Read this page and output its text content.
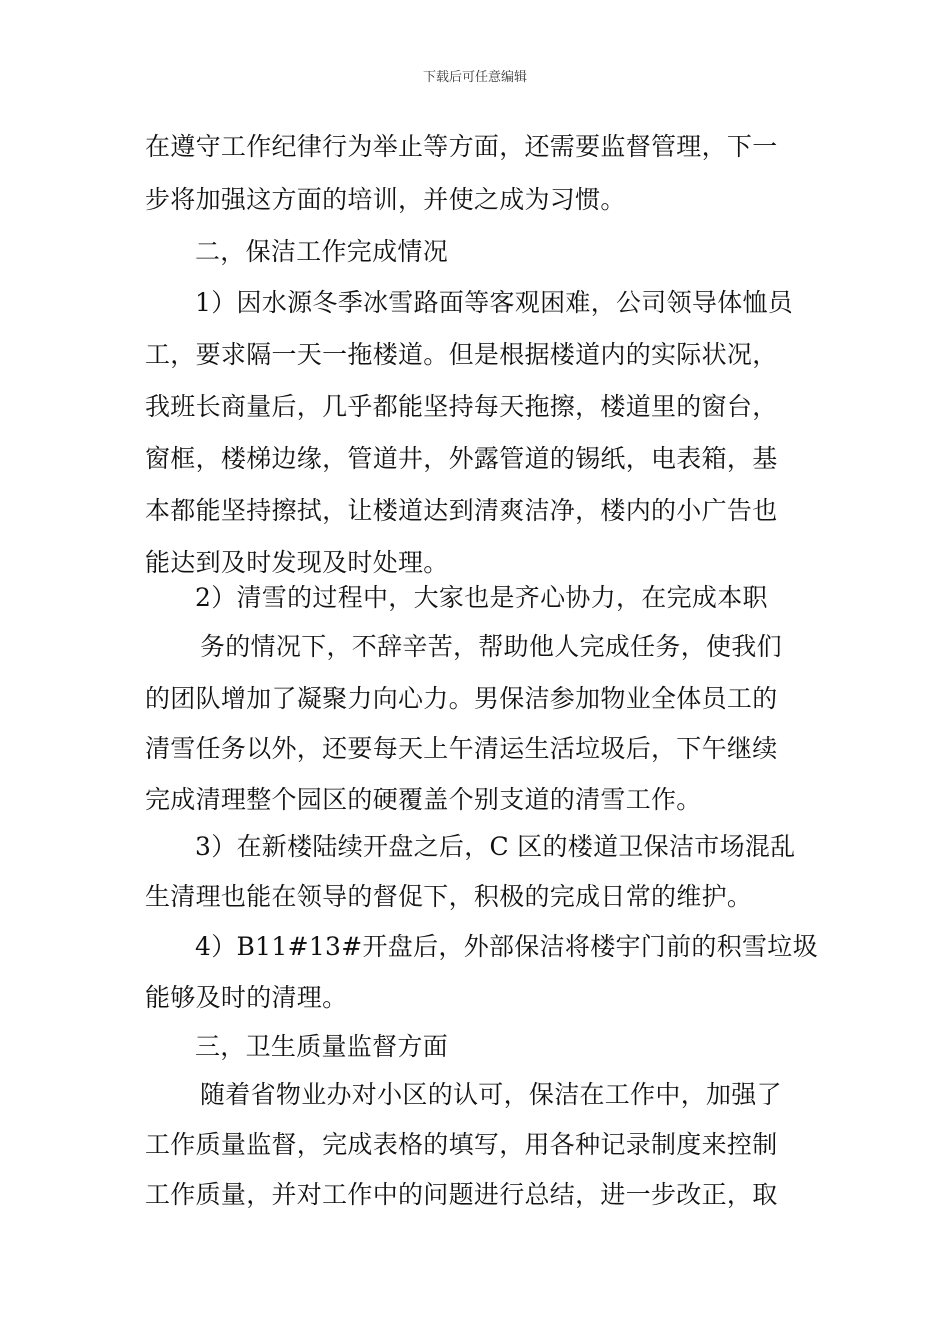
下载后可任意编辑
在遵守工作纪律行为举止等方面，还需要监督管理，下一
步将加强这方面的培训，并使之成为习惯。
二，保洁工作完成情况
1）因水源冬季冰雪路面等客观困难，公司领导体恤员
工，要求隔一天一拖楼道。但是根据楼道内的实际状况，
我班长商量后，几乎都能坚持每天拖擦，楼道里的窗台，
窗框，楼梯边缘，管道井，外露管道的锡纸，电表箱，基
本都能坚持擦拭，让楼道达到清爽洁净，楼内的小广告也
能达到及时发现及时处理。
2）清雪的过程中，大家也是齐心协力，在完成本职
务的情况下，不辞辛苦，帮助他人完成任务，使我们
的团队增加了凝聚力向心力。男保洁参加物业全体员工的
清雪任务以外，还要每天上午清运生活垃圾后，下午继续
完成清理整个园区的硬覆盖个别支道的清雪工作。
3）在新楼陆续开盘之后，C 区的楼道卫保洁市场混乱
生清理也能在领导的督促下，积极的完成日常的维护。
4）B11#13#开盘后，外部保洁将楼宇门前的积雪垃圾
能够及时的清理。
三，卫生质量监督方面
随着省物业办对小区的认可，保洁在工作中，加强了
工作质量监督，完成表格的填写，用各种记录制度来控制
工作质量，并对工作中的问题进行总结，进一步改正，取
